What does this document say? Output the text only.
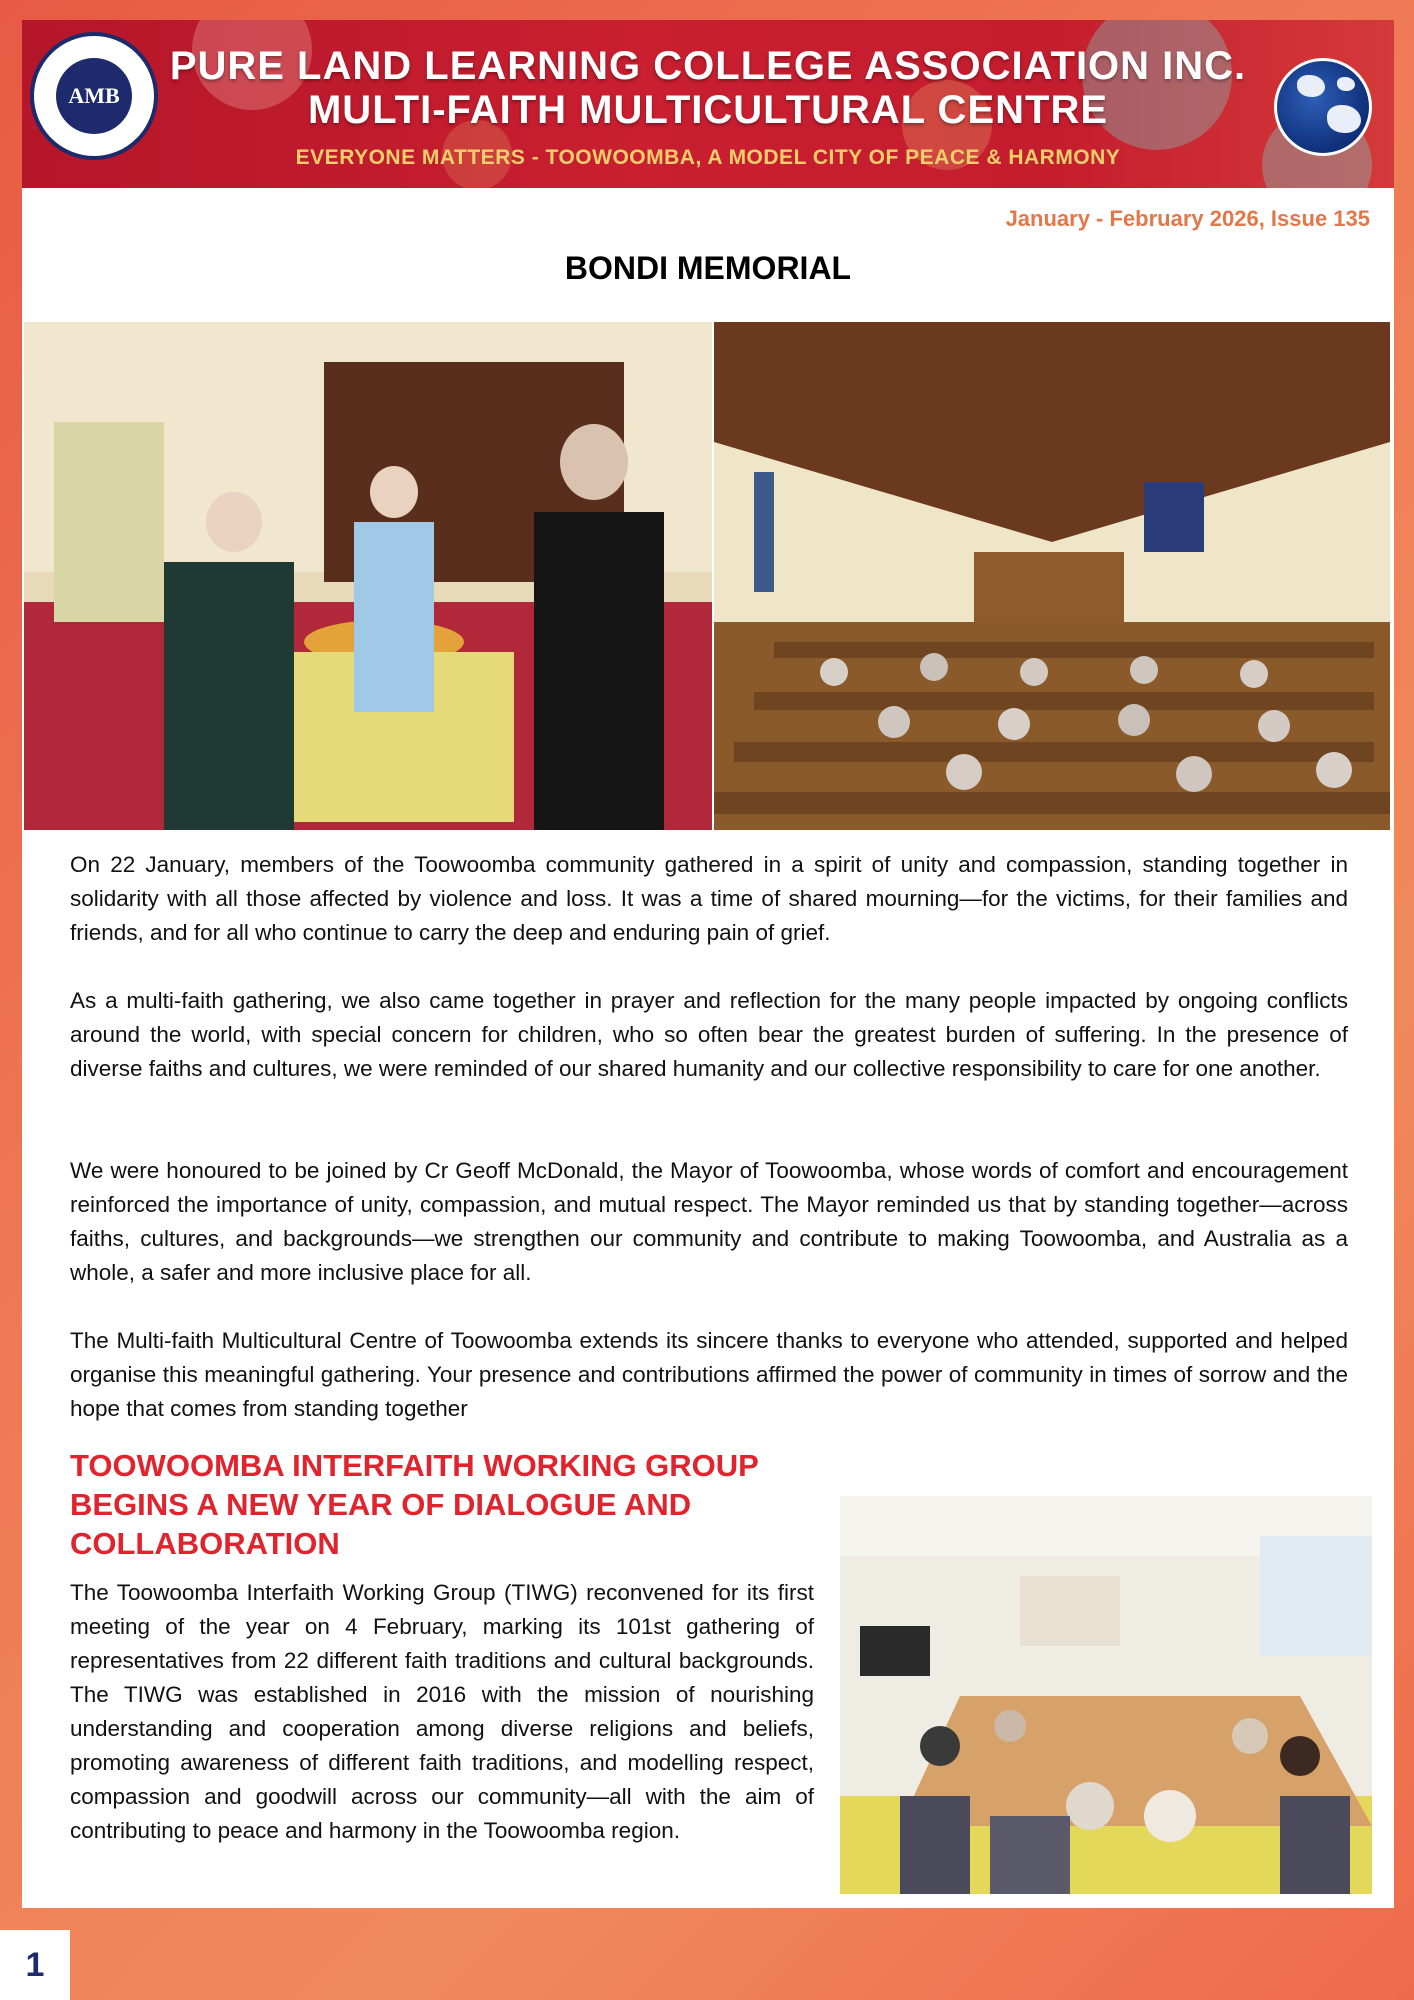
AMB
PURE LAND LEARNING COLLEGE ASSOCIATION INC.
MULTI-FAITH MULTICULTURAL CENTRE
EVERYONE MATTERS - TOOWOOMBA, A MODEL CITY OF PEACE & HARMONY
January - February 2026, Issue 135
BONDI MEMORIAL

On 22 January, members of the Toowoomba community gathered in a spirit of unity and compassion, standing together in solidarity with all those affected by violence and loss. It was a time of shared mourning—for the victims, for their families and friends, and for all who continue to carry the deep and enduring pain of grief.

As a multi-faith gathering, we also came together in prayer and reflection for the many people impacted by ongoing conflicts around the world, with special concern for children, who so often bear the greatest burden of suffering. In the presence of diverse faiths and cultures, we were reminded of our shared humanity and our collective responsibility to care for one another.

We were honoured to be joined by Cr Geoff McDonald, the Mayor of Toowoomba, whose words of comfort and encouragement reinforced the importance of unity, compassion, and mutual respect. The Mayor reminded us that by standing together—across faiths, cultures, and backgrounds—we strengthen our community and contribute to making Toowoomba, and Australia as a whole, a safer and more inclusive place for all.

The Multi-faith Multicultural Centre of Toowoomba extends its sincere thanks to everyone who attended, supported and helped organise this meaningful gathering. Your presence and contributions affirmed the power of community in times of sorrow and the hope that comes from standing together

TOOWOOMBA INTERFAITH WORKING GROUP BEGINS A NEW YEAR OF DIALOGUE AND COLLABORATION

The Toowoomba Interfaith Working Group (TIWG) reconvened for its first meeting of the year on 4 February, marking its 101st gathering of representatives from 22 different faith traditions and cultural backgrounds. The TIWG was established in 2016 with the mission of nourishing understanding and cooperation among diverse religions and beliefs, promoting awareness of different faith traditions, and modelling respect, compassion and goodwill across our community—all with the aim of contributing to peace and harmony in the Toowoomba region.

1
